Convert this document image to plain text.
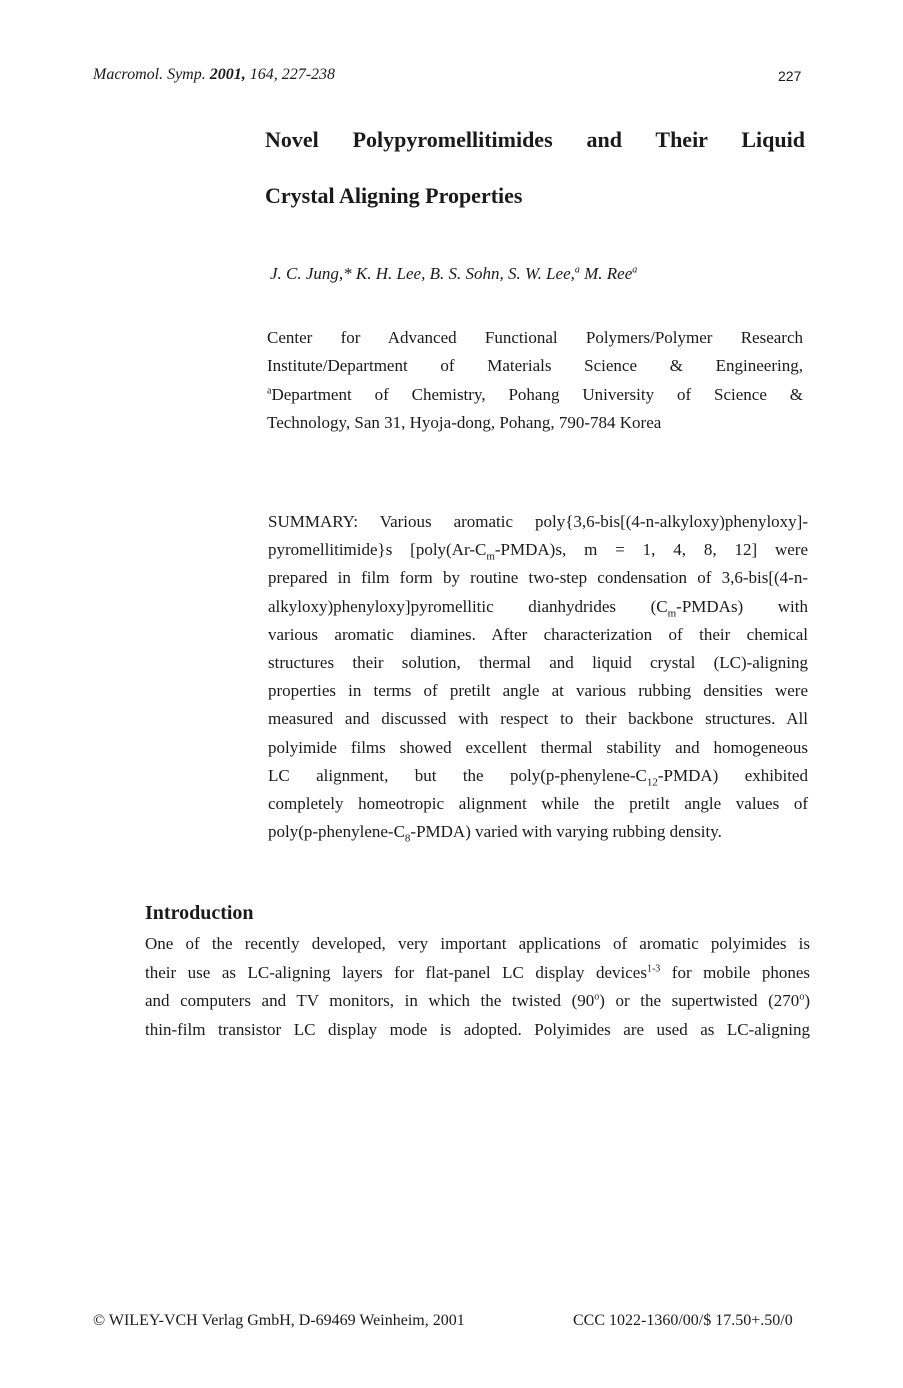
Macromol. Symp. 2001, 164, 227-238	227
Novel Polypyromellitimides and Their Liquid
Crystal Aligning Properties
J. C. Jung,* K. H. Lee, B. S. Sohn, S. W. Lee,$^a$ M. Ree$^a$
Center for Advanced Functional Polymers/Polymer Research
Institute/Department of Materials Science & Engineering,
$^a$Department of Chemistry, Pohang University of Science &
Technology, San 31, Hyoja-dong, Pohang, 790-784 Korea
SUMMARY: Various aromatic poly{3,6-bis[(4-n-alkyloxy)phenyloxy]-
pyromellitimide}s [$poly(Ar-C_m-PMDA)s$, m = 1, 4, 8, 12] were
prepared in film form by routine two-step condensation of 3,6-bis[(4-n-
alkyloxy)phenyloxy]pyromellitic dianhydrides $(C_m-PMDAs)$ with
various aromatic diamines. After characterization of their chemical
structures their solution, thermal and liquid crystal (LC)-aligning
properties in terms of pretilt angle at various rubbing densities were
measured and discussed with respect to their backbone structures. All
polyimide films showed excellent thermal stability and homogeneous
LC alignment, but the $poly(p-phenylene-C_{12}-PMDA)$ exhibited
completely homeotropic alignment while the pretilt angle values of
$poly(p-phenylene-C_8-PMDA)$ varied with varying rubbing density.
Introduction
One of the recently developed, very important applications of aromatic polyimides is
their use as LC-aligning layers for flat-panel LC display devices$^{1-3}$ for mobile phones
and computers and TV monitors, in which the twisted (90$^o$) or the supertwisted (270$^o$)
thin-film transistor LC display mode is adopted. Polyimides are used as LC-aligning
© WILEY-VCH Verlag GmbH, D-69469 Weinheim, 2001	CCC 1022-1360/00/$ 17.50+.50/0
